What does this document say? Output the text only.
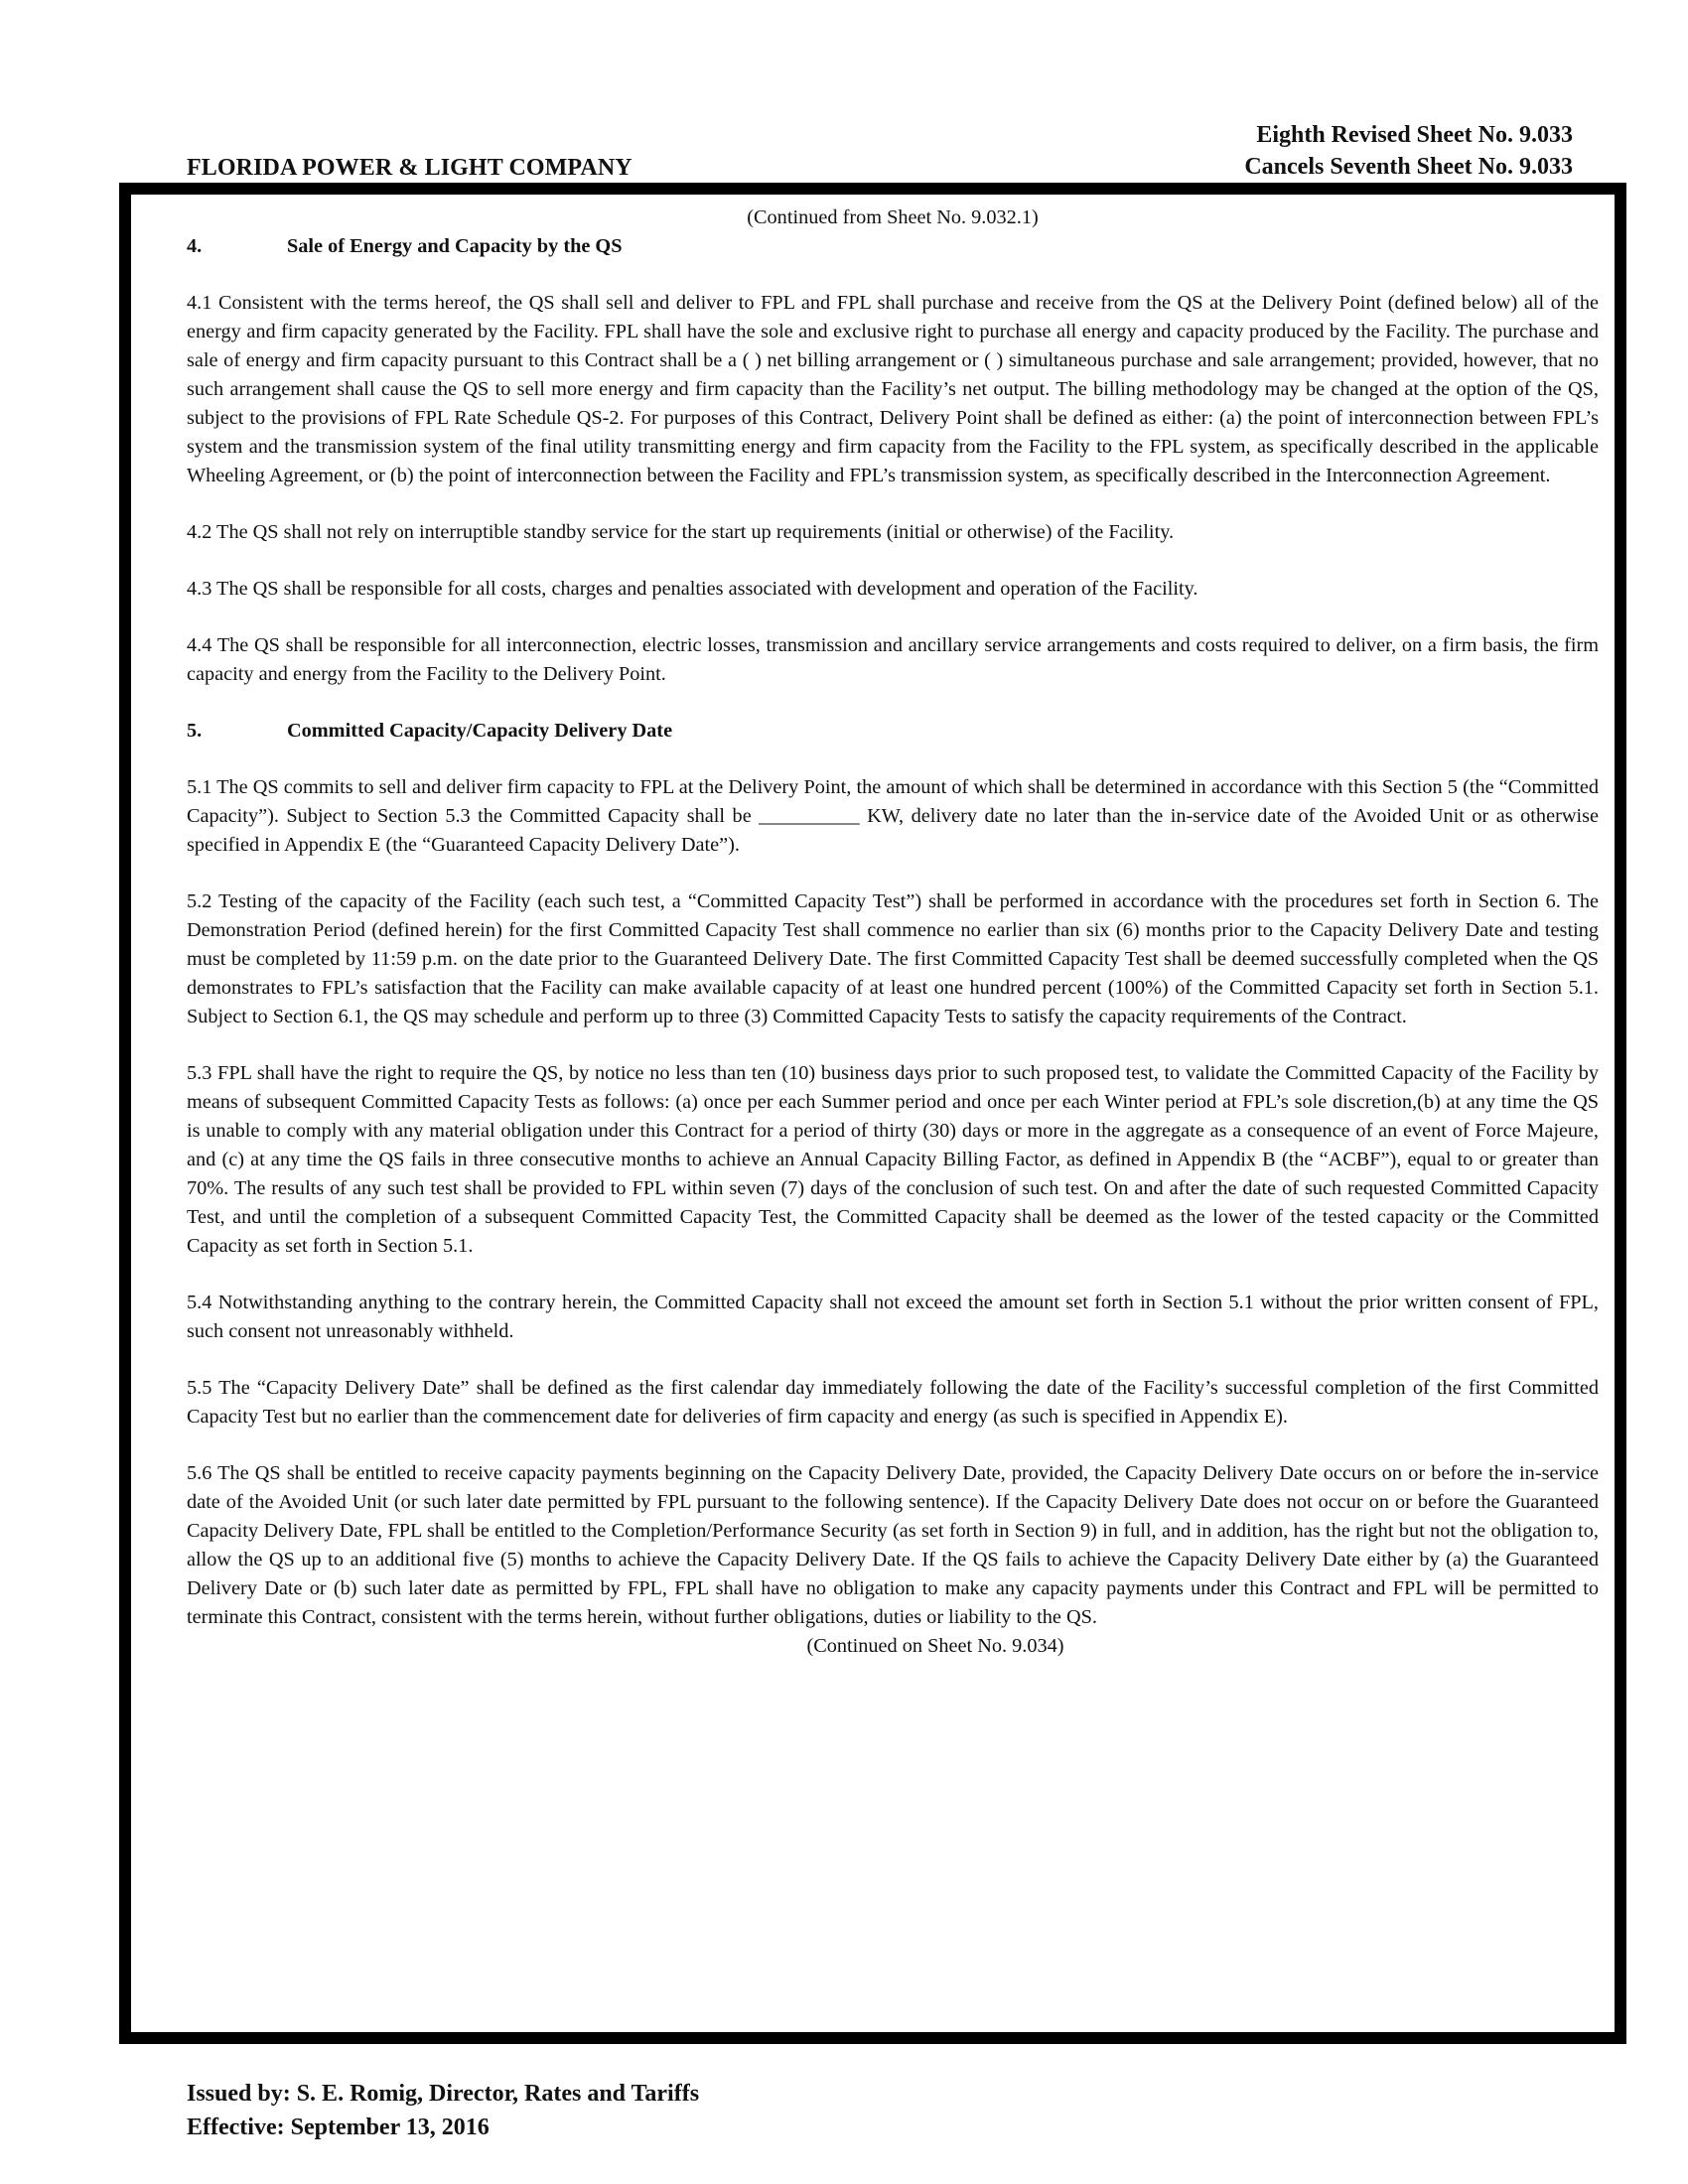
Eighth Revised Sheet No. 9.033
Cancels Seventh Sheet No. 9.033
FLORIDA POWER & LIGHT COMPANY

(Continued from Sheet No. 9.032.1)

4.	Sale of Energy and Capacity by the QS

4.1 Consistent with the terms hereof, the QS shall sell and deliver to FPL and FPL shall purchase and receive from the QS at the Delivery Point (defined below) all of the energy and firm capacity generated by the Facility. FPL shall have the sole and exclusive right to purchase all energy and capacity produced by the Facility. The purchase and sale of energy and firm capacity pursuant to this Contract shall be a ( ) net billing arrangement or ( ) simultaneous purchase and sale arrangement; provided, however, that no such arrangement shall cause the QS to sell more energy and firm capacity than the Facility’s net output. The billing methodology may be changed at the option of the QS, subject to the provisions of FPL Rate Schedule QS-2. For purposes of this Contract, Delivery Point shall be defined as either: (a) the point of interconnection between FPL’s system and the transmission system of the final utility transmitting energy and firm capacity from the Facility to the FPL system, as specifically described in the applicable Wheeling Agreement, or (b) the point of interconnection between the Facility and FPL’s transmission system, as specifically described in the Interconnection Agreement.

4.2 The QS shall not rely on interruptible standby service for the start up requirements (initial or otherwise) of the Facility.

4.3 The QS shall be responsible for all costs, charges and penalties associated with development and operation of the Facility.

4.4 The QS shall be responsible for all interconnection, electric losses, transmission and ancillary service arrangements and costs required to deliver, on a firm basis, the firm capacity and energy from the Facility to the Delivery Point.

5.	Committed Capacity/Capacity Delivery Date

5.1 The QS commits to sell and deliver firm capacity to FPL at the Delivery Point, the amount of which shall be determined in accordance with this Section 5 (the “Committed Capacity”). Subject to Section 5.3 the Committed Capacity shall be __________ KW, delivery date no later than the in-service date of the Avoided Unit or as otherwise specified in Appendix E (the “Guaranteed Capacity Delivery Date”).

5.2 Testing of the capacity of the Facility (each such test, a “Committed Capacity Test”) shall be performed in accordance with the procedures set forth in Section 6. The Demonstration Period (defined herein) for the first Committed Capacity Test shall commence no earlier than six (6) months prior to the Capacity Delivery Date and testing must be completed by 11:59 p.m. on the date prior to the Guaranteed Delivery Date. The first Committed Capacity Test shall be deemed successfully completed when the QS demonstrates to FPL’s satisfaction that the Facility can make available capacity of at least one hundred percent (100%) of the Committed Capacity set forth in Section 5.1. Subject to Section 6.1, the QS may schedule and perform up to three (3) Committed Capacity Tests to satisfy the capacity requirements of the Contract.

5.3 FPL shall have the right to require the QS, by notice no less than ten (10) business days prior to such proposed test, to validate the Committed Capacity of the Facility by means of subsequent Committed Capacity Tests as follows: (a) once per each Summer period and once per each Winter period at FPL’s sole discretion,(b) at any time the QS is unable to comply with any material obligation under this Contract for a period of thirty (30) days or more in the aggregate as a consequence of an event of Force Majeure, and (c) at any time the QS fails in three consecutive months to achieve an Annual Capacity Billing Factor, as defined in Appendix B (the “ACBF”), equal to or greater than 70%. The results of any such test shall be provided to FPL within seven (7) days of the conclusion of such test. On and after the date of such requested Committed Capacity Test, and until the completion of a subsequent Committed Capacity Test, the Committed Capacity shall be deemed as the lower of the tested capacity or the Committed Capacity as set forth in Section 5.1.

5.4 Notwithstanding anything to the contrary herein, the Committed Capacity shall not exceed the amount set forth in Section 5.1 without the prior written consent of FPL, such consent not unreasonably withheld.

5.5 The “Capacity Delivery Date” shall be defined as the first calendar day immediately following the date of the Facility’s successful completion of the first Committed Capacity Test but no earlier than the commencement date for deliveries of firm capacity and energy (as such is specified in Appendix E).

5.6 The QS shall be entitled to receive capacity payments beginning on the Capacity Delivery Date, provided, the Capacity Delivery Date occurs on or before the in-service date of the Avoided Unit (or such later date permitted by FPL pursuant to the following sentence). If the Capacity Delivery Date does not occur on or before the Guaranteed Capacity Delivery Date, FPL shall be entitled to the Completion/Performance Security (as set forth in Section 9) in full, and in addition, has the right but not the obligation to, allow the QS up to an additional five (5) months to achieve the Capacity Delivery Date. If the QS fails to achieve the Capacity Delivery Date either by (a) the Guaranteed Delivery Date or (b) such later date as permitted by FPL, FPL shall have no obligation to make any capacity payments under this Contract and FPL will be permitted to terminate this Contract, consistent with the terms herein, without further obligations, duties or liability to the QS.

(Continued on Sheet No. 9.034)

Issued by: S. E. Romig, Director, Rates and Tariffs
Effective: September 13, 2016
